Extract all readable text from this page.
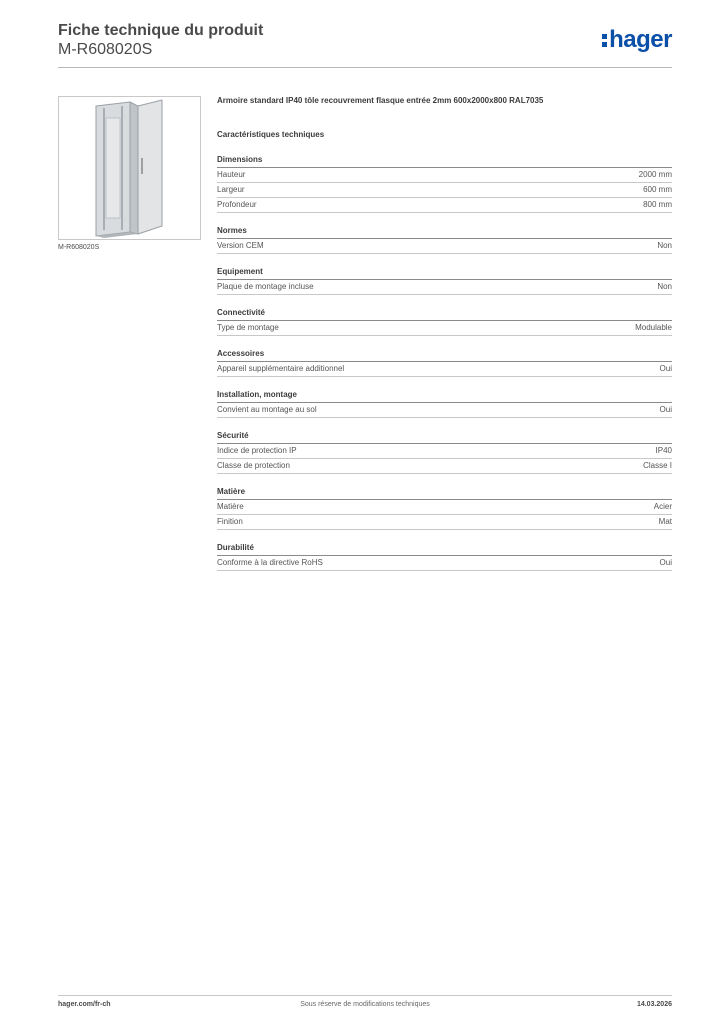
Fiche technique du produit
M-R608020S	hager
M-R608020S
Armoire standard IP40 tôle recouvrement flasque entrée 2mm 600x2000x800 RAL7035
Caractéristiques techniques
Dimensions
Hauteur	2000 mm
Largeur	600 mm
Profondeur	800 mm
Normes
Version CEM	Non
Equipement
Plaque de montage incluse	Non
Connectivité
Type de montage	Modulable
Accessoires
Appareil supplémentaire additionnel	Oui
Installation, montage
Convient au montage au sol	Oui
Sécurité
Indice de protection IP	IP40
Classe de protection	Classe I
Matière
Matière	Acier
Finition	Mat
Durabilité
Conforme à la directive RoHS	Oui
hager.com/fr-ch	Sous réserve de modifications techniques	14.03.2026
